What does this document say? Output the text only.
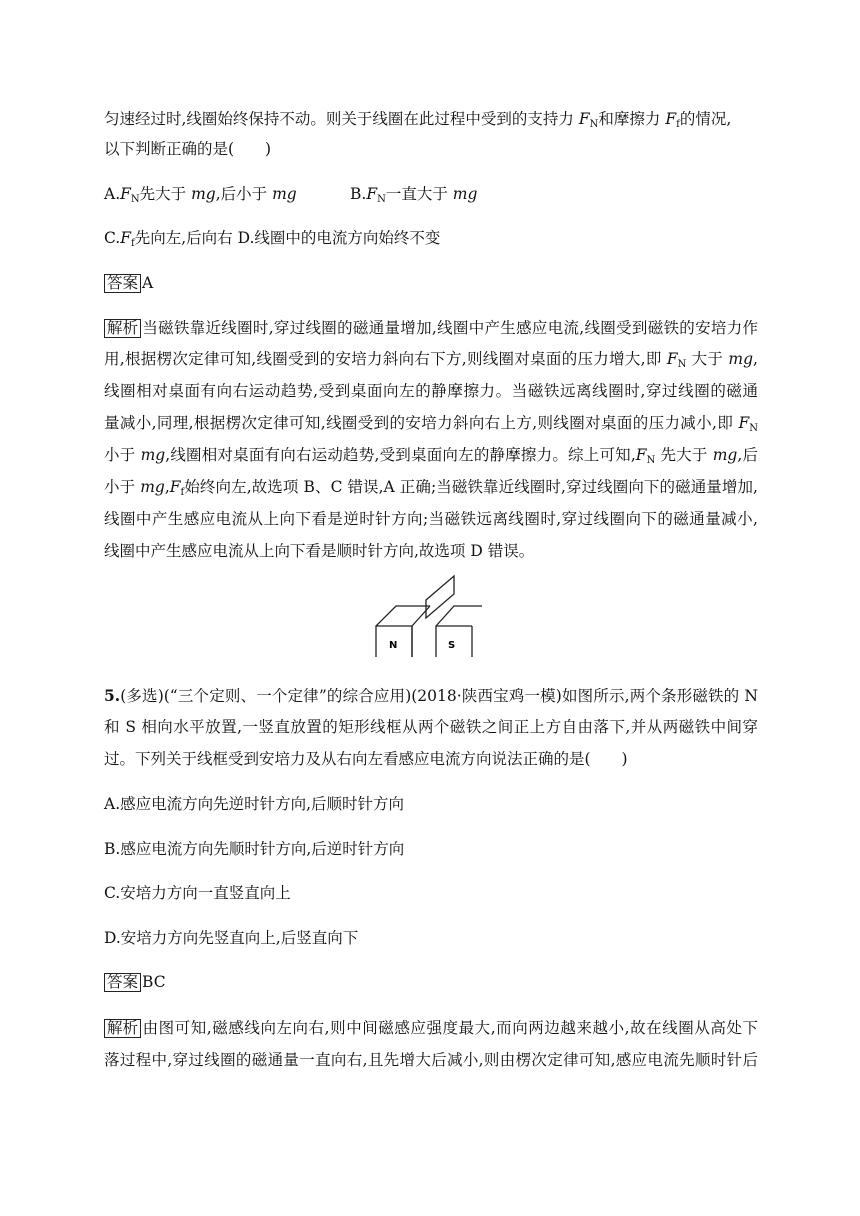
匀速经过时,线圈始终保持不动。则关于线圈在此过程中受到的支持力 $F_N$和摩擦力 $F_f$的情况,
以下判断正确的是(　　)
$A.F_N$先大于 mg,后小于 mg	$B.F_N$一直大于 mg
$C.F_f$先向左,后向右 D.线圈中的电流方向始终不变
答案 A
解析 当磁铁靠近线圈时,穿过线圈的磁通量增加,线圈中产生感应电流,线圈受到磁铁的安培力作
用,根据楞次定律可知,线圈受到的安培力斜向右下方,则线圈对桌面的压力增大,即 $F_N$ 大于 mg,
线圈相对桌面有向右运动趋势,受到桌面向左的静摩擦力。当磁铁远离线圈时,穿过线圈的磁通
量减小,同理,根据楞次定律可知,线圈受到的安培力斜向右上方,则线圈对桌面的压力减小,即 $F_N$
小于 mg,线圈相对桌面有向右运动趋势,受到桌面向左的静摩擦力。综上可知$,F_N$ 先大于 mg,后
小于 $mg,F_f$始终向左,故选项 B、C 错误,A 正确;当磁铁靠近线圈时,穿过线圈向下的磁通量增加,
线圈中产生感应电流从上向下看是逆时针方向;当磁铁远离线圈时,穿过线圈向下的磁通量减小,
线圈中产生感应电流从上向下看是顺时针方向,故选项 D 错误。
N	S
5.(多选)(“三个定则、一个定律”的综合应用)(2018·陕西宝鸡一模)如图所示,两个条形磁铁的 N
和 S 相向水平放置,一竖直放置的矩形线框从两个磁铁之间正上方自由落下,并从两磁铁中间穿
过。下列关于线框受到安培力及从右向左看感应电流方向说法正确的是(　　)
A.感应电流方向先逆时针方向,后顺时针方向
B.感应电流方向先顺时针方向,后逆时针方向
C.安培力方向一直竖直向上
D.安培力方向先竖直向上,后竖直向下
答案 BC
解析 由图可知,磁感线向左向右,则中间磁感应强度最大,而向两边越来越小,故在线圈从高处下
落过程中,穿过线圈的磁通量一直向右,且先增大后减小,则由楞次定律可知,感应电流先顺时针后
